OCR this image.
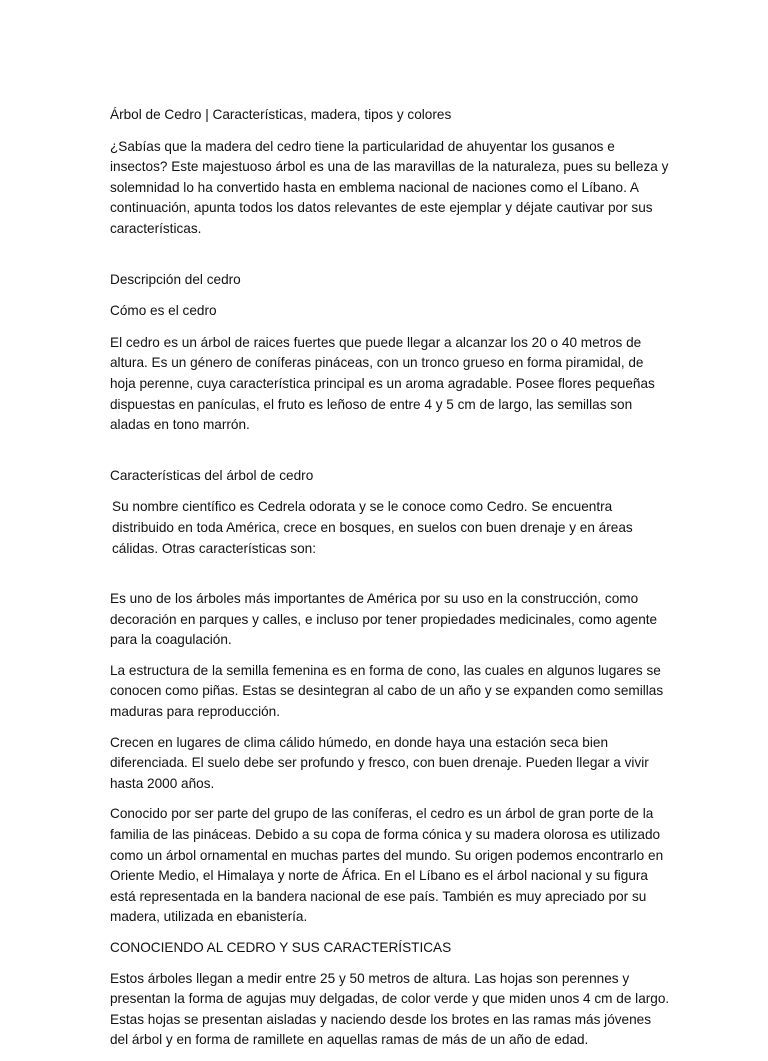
Árbol de Cedro | Características, madera, tipos y colores

¿Sabías que la madera del cedro tiene la particularidad de ahuyentar los gusanos e insectos? Este majestuoso árbol es una de las maravillas de la naturaleza, pues su belleza y solemnidad lo ha convertido hasta en emblema nacional de naciones como el Líbano. A continuación, apunta todos los datos relevantes de este ejemplar y déjate cautivar por sus características.

Descripción del cedro

Cómo es el cedro

El cedro es un árbol de raices fuertes que puede llegar a alcanzar los 20 o 40 metros de altura. Es un género de coníferas pináceas, con un tronco grueso en forma piramidal, de hoja perenne, cuya característica principal es un aroma agradable. Posee flores pequeñas dispuestas en panículas, el fruto es leñoso de entre 4 y 5 cm de largo, las semillas son aladas en tono marrón.

Características del árbol de cedro

Su nombre científico es Cedrela odorata y se le conoce como Cedro. Se encuentra distribuido en toda América, crece en bosques, en suelos con buen drenaje y en áreas cálidas. Otras características son:

Es uno de los árboles más importantes de América por su uso en la construcción, como decoración en parques y calles, e incluso por tener propiedades medicinales, como agente para la coagulación.

La estructura de la semilla femenina es en forma de cono, las cuales en algunos lugares se conocen como piñas. Estas se desintegran al cabo de un año y se expanden como semillas maduras para reproducción.

Crecen en lugares de clima cálido húmedo, en donde haya una estación seca bien diferenciada. El suelo debe ser profundo y fresco, con buen drenaje. Pueden llegar a vivir hasta 2000 años.

Conocido por ser parte del grupo de las coníferas, el cedro es un árbol de gran porte de la familia de las pináceas. Debido a su copa de forma cónica y su madera olorosa es utilizado como un árbol ornamental en muchas partes del mundo. Su origen podemos encontrarlo en Oriente Medio, el Himalaya y norte de África. En el Líbano es el árbol nacional y su figura está representada en la bandera nacional de ese país. También es muy apreciado por su madera, utilizada en ebanistería.

CONOCIENDO AL CEDRO Y SUS CARACTERÍSTICAS

Estos árboles llegan a medir entre 25 y 50 metros de altura. Las hojas son perennes y presentan la forma de agujas muy delgadas, de color verde y que miden unos 4 cm de largo. Estas hojas se presentan aisladas y naciendo desde los brotes en las ramas más jóvenes del árbol y en forma de ramillete en aquellas ramas de más de un año de edad.
